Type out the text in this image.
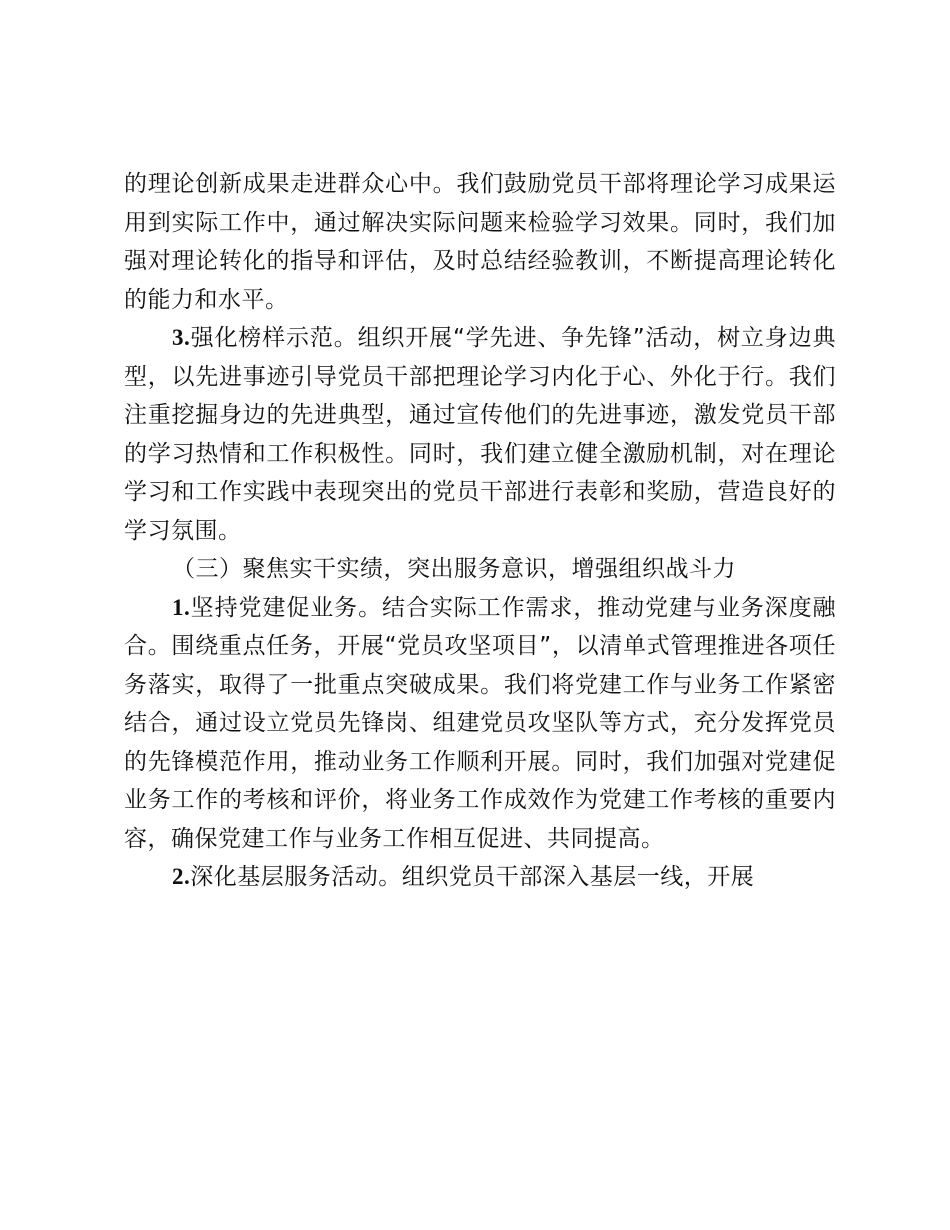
的理论创新成果走进群众心中。我们鼓励党员干部将理论学习成果运用到实际工作中，通过解决实际问题来检验学习效果。同时，我们加强对理论转化的指导和评估，及时总结经验教训，不断提高理论转化的能力和水平。

3.强化榜样示范。组织开展“学先进、争先锋”活动，树立身边典型，以先进事迹引导党员干部把理论学习内化于心、外化于行。我们注重挖掘身边的先进典型，通过宣传他们的先进事迹，激发党员干部的学习热情和工作积极性。同时，我们建立健全激励机制，对在理论学习和工作实践中表现突出的党员干部进行表彰和奖励，营造良好的学习氛围。

（三）聚焦实干实绩，突出服务意识，增强组织战斗力

1.坚持党建促业务。结合实际工作需求，推动党建与业务深度融合。围绕重点任务，开展“党员攻坚项目”，以清单式管理推进各项任务落实，取得了一批重点突破成果。我们将党建工作与业务工作紧密结合，通过设立党员先锋岗、组建党员攻坚队等方式，充分发挥党员的先锋模范作用，推动业务工作顺利开展。同时，我们加强对党建促业务工作的考核和评价，将业务工作成效作为党建工作考核的重要内容，确保党建工作与业务工作相互促进、共同提高。

2.深化基层服务活动。组织党员干部深入基层一线，开展
